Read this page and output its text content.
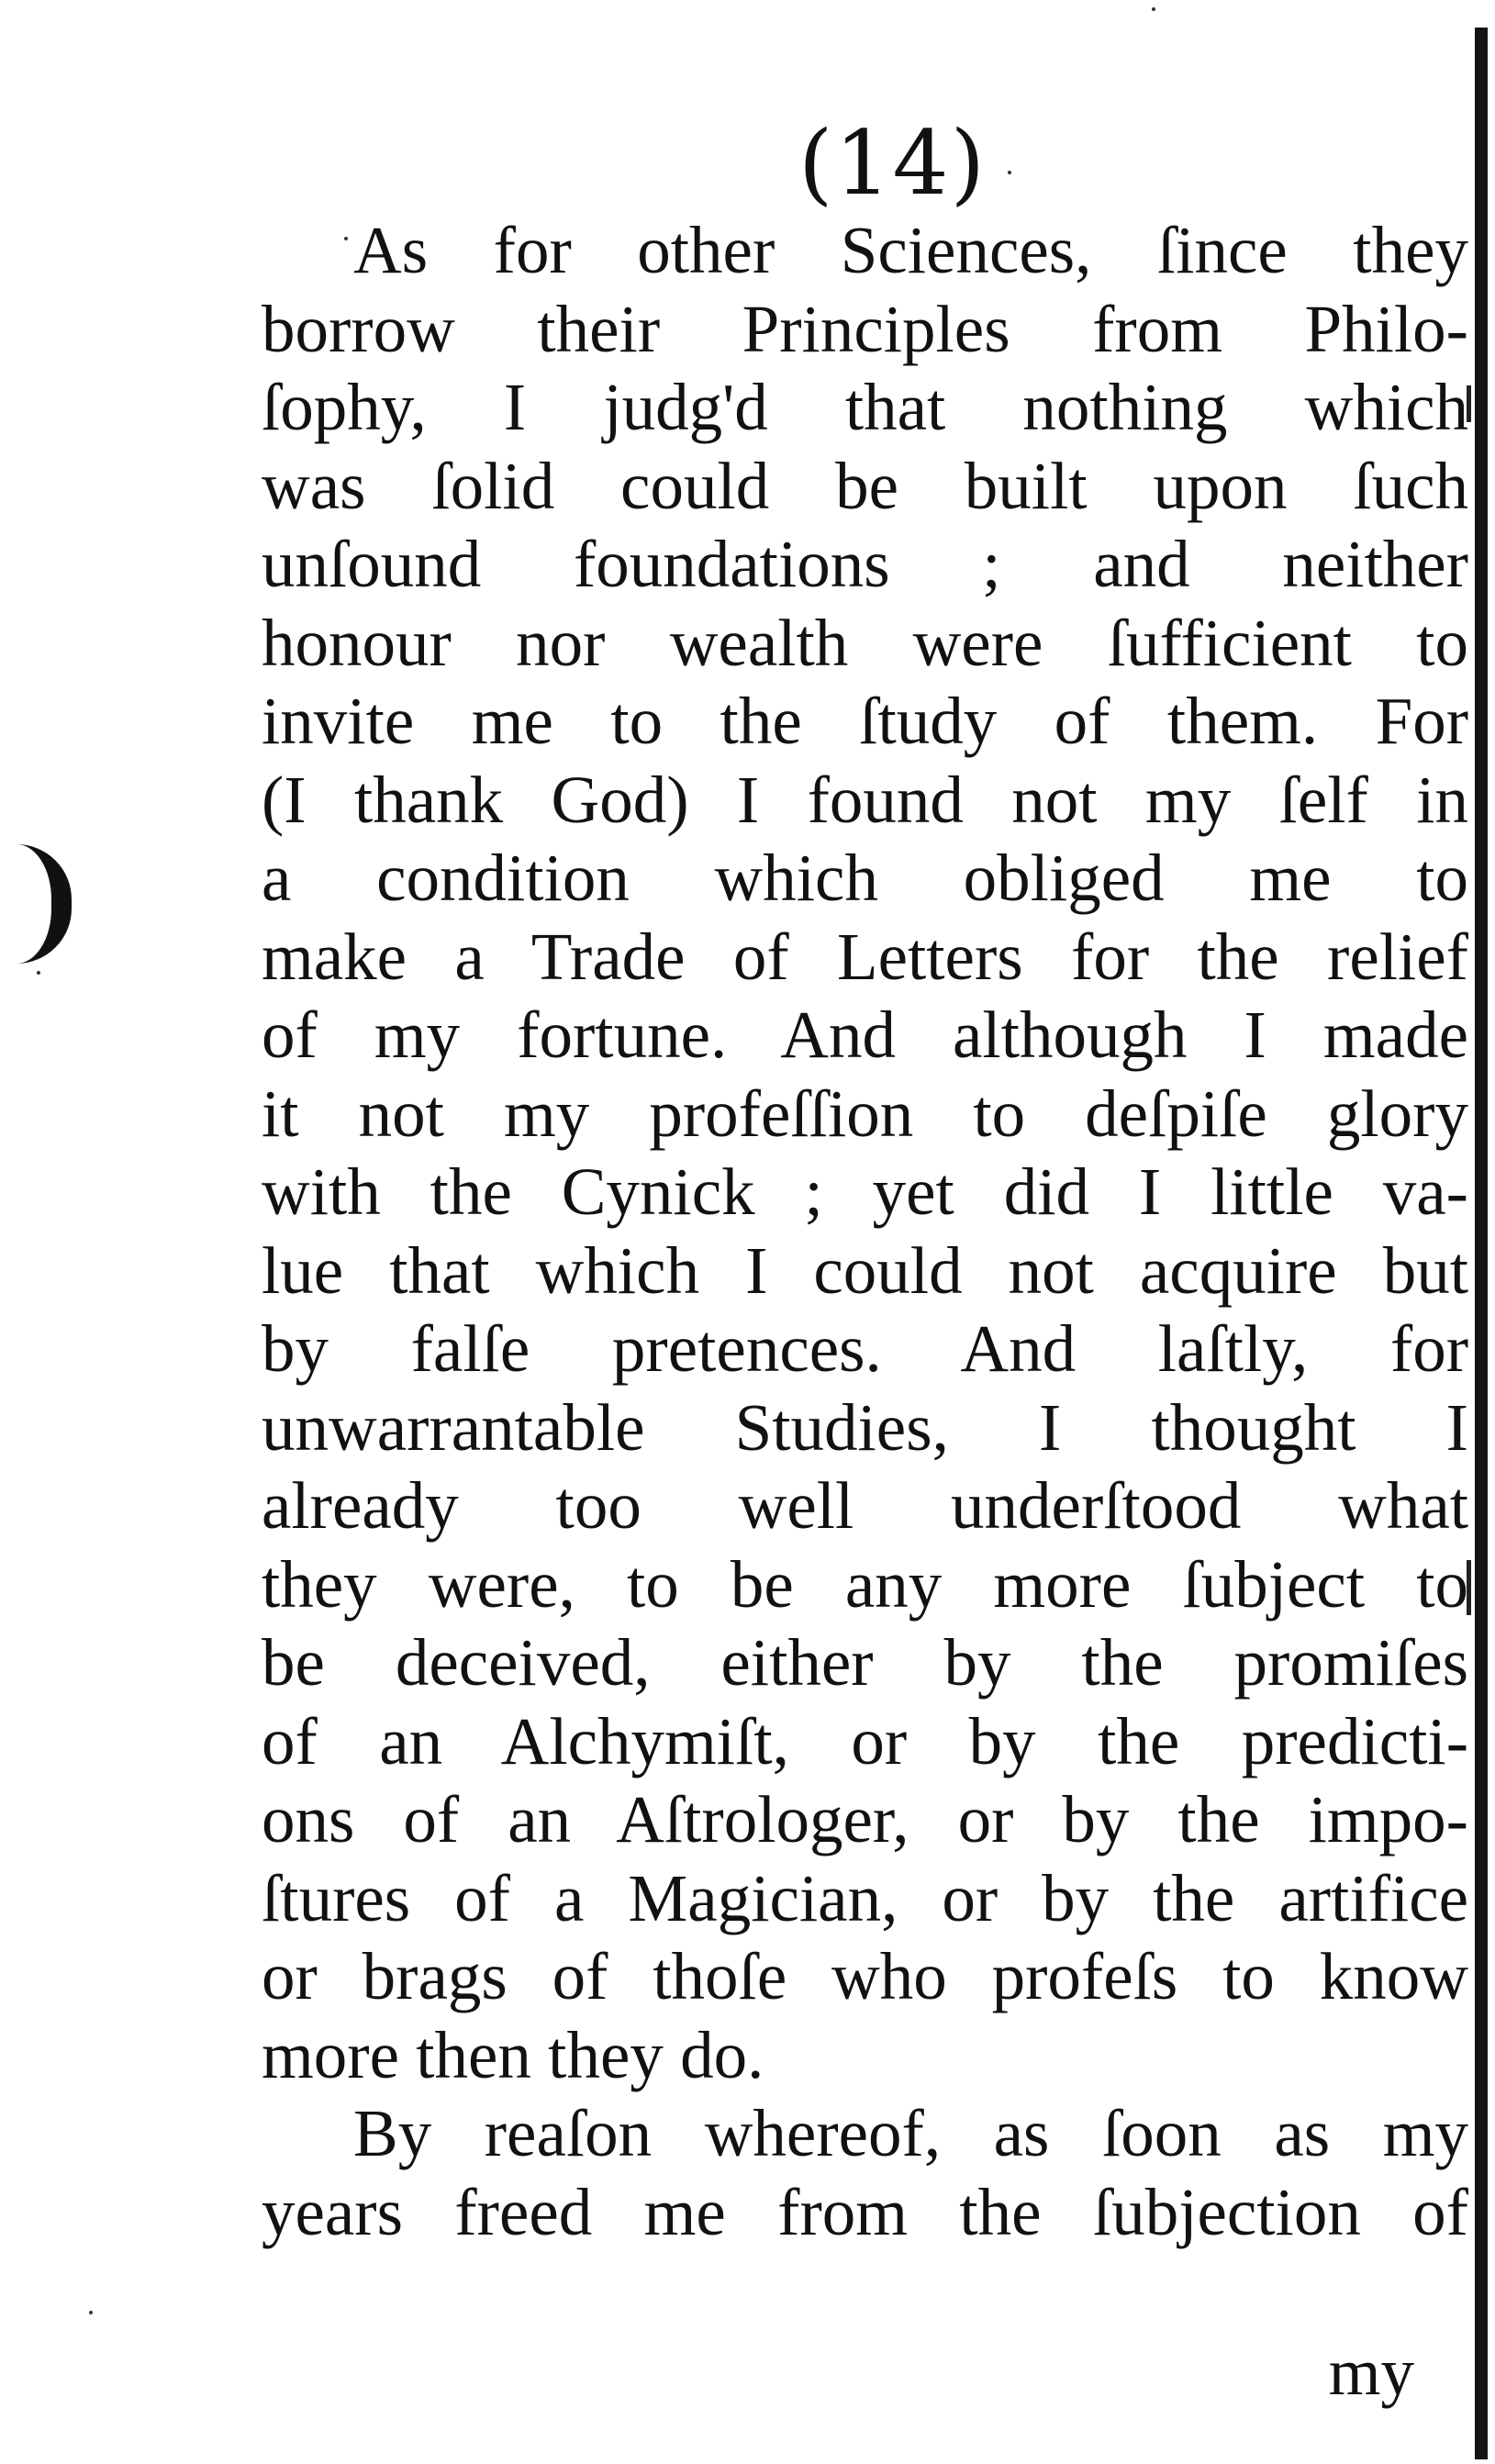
(14)
As for other Sciences, ſince they
borrow their Principles from Philo-
ſophy, I judg'd that nothing which
was ſolid could be built upon ſuch
unſound foundations ; and neither
honour nor wealth were ſufficient to
invite me to the ſtudy of them. For
(I thank God) I found not my ſelf in
a condition which obliged me to
make a Trade of Letters for the relief
of my fortune. And although I made
it not my profeſſion to deſpiſe glory
with the Cynick ; yet did I little va-
lue that which I could not acquire but
by falſe pretences. And laſtly, for
unwarrantable Studies, I thought I
already too well underſtood what
they were, to be any more ſubject to
be deceived, either by the promiſes
of an Alchymiſt, or by the predicti-
ons of an Aſtrologer, or by the impo-
ſtures of a Magician, or by the artifice
or brags of thoſe who profeſs to know
more then they do.
By reaſon whereof, as ſoon as my
years freed me from the ſubjection of
my
